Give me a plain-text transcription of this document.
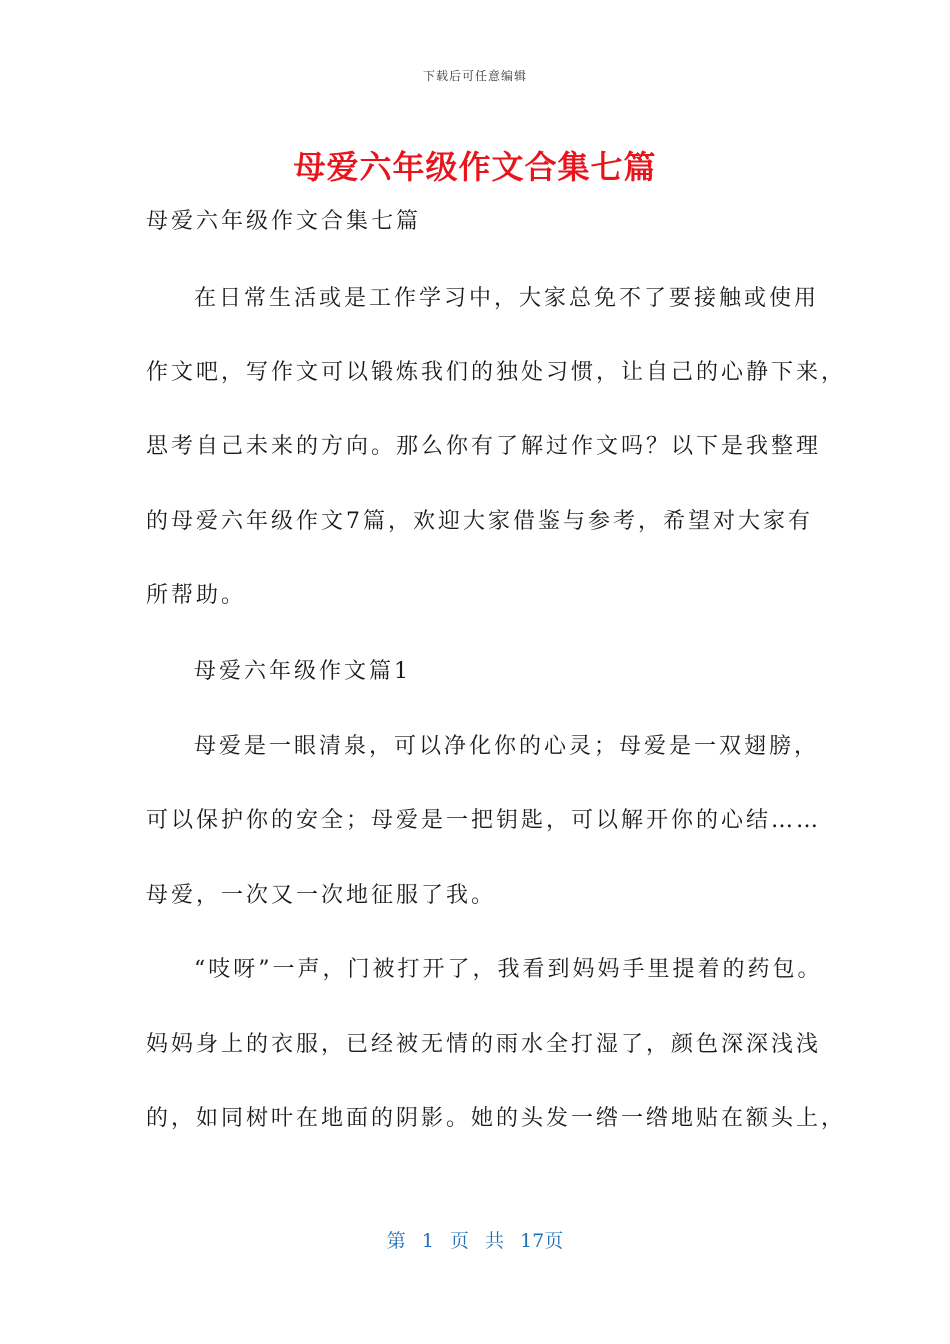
下载后可任意编辑
母爱六年级作文合集七篇

母爱六年级作文合集七篇

在日常生活或是工作学习中，大家总免不了要接触或使用

作文吧，写作文可以锻炼我们的独处习惯，让自己的心静下来，

思考自己未来的方向。那么你有了解过作文吗？以下是我整理

的母爱六年级作文7篇，欢迎大家借鉴与参考，希望对大家有

所帮助。

母爱六年级作文篇1

母爱是一眼清泉，可以净化你的心灵；母爱是一双翅膀，

可以保护你的安全；母爱是一把钥匙，可以解开你的心结……

母爱，一次又一次地征服了我。

“吱呀”一声，门被打开了，我看到妈妈手里提着的药包。

妈妈身上的衣服，已经被无情的雨水全打湿了，颜色深深浅浅

的，如同树叶在地面的阴影。她的头发一绺一绺地贴在额头上，

第 1 页 共 17页
